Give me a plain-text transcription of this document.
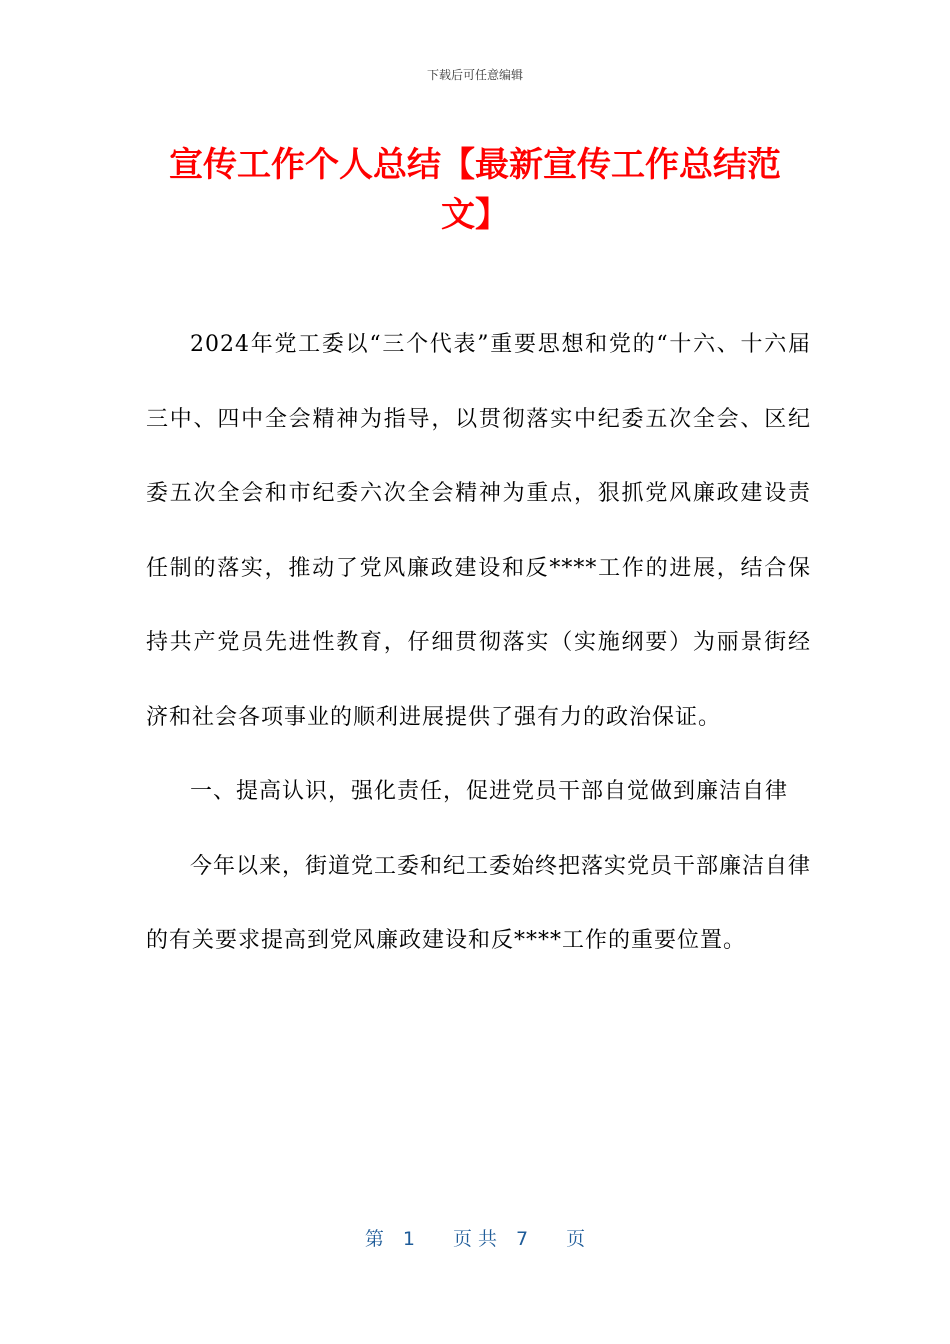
下载后可任意编辑
宣传工作个人总结【最新宣传工作总结范文】

2024年党工委以“三个代表”重要思想和党的“十六、十六届三中、四中全会精神为指导，以贯彻落实中纪委五次全会、区纪委五次全会和市纪委六次全会精神为重点，狠抓党风廉政建设责任制的落实，推动了党风廉政建设和反****工作的进展，结合保持共产党员先进性教育，仔细贯彻落实（实施纲要）为丽景街经济和社会各项事业的顺利进展提供了强有力的政治保证。

一、提高认识，强化责任，促进党员干部自觉做到廉洁自律

今年以来，街道党工委和纪工委始终把落实党员干部廉洁自律的有关要求提高到党风廉政建设和反****工作的重要位置。

第　1　　页 共　7　　页
